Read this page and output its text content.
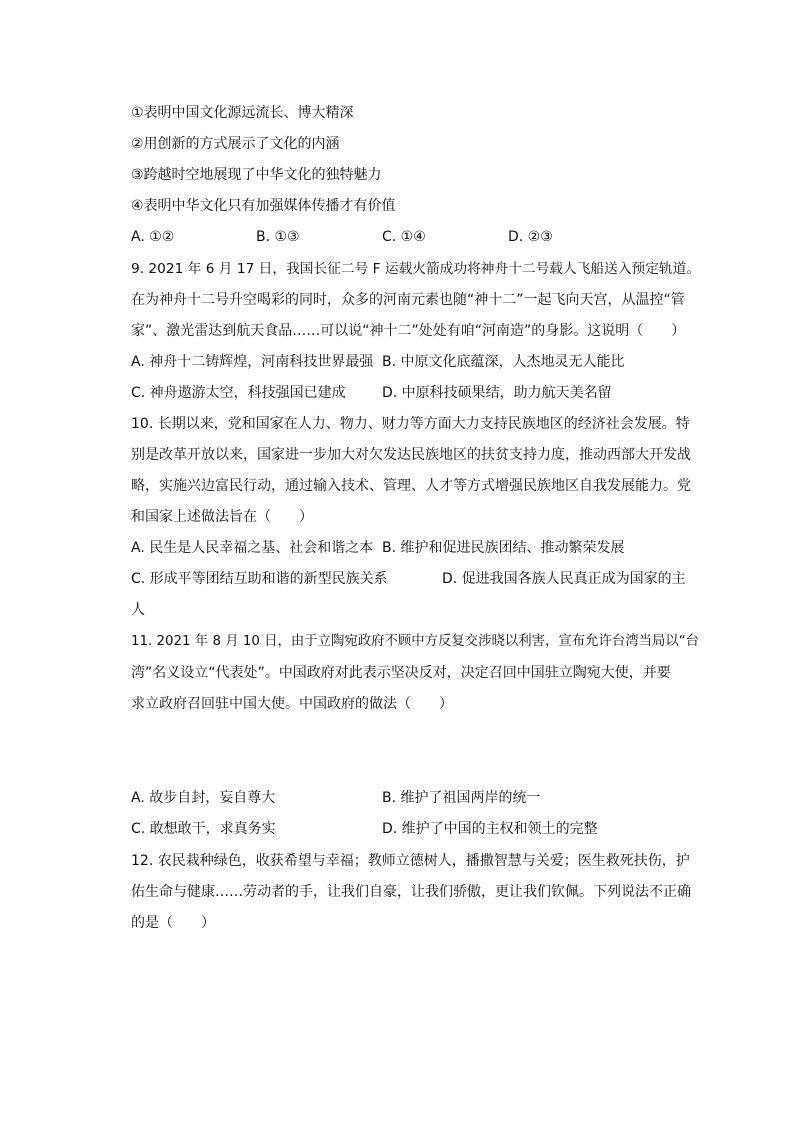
①表明中国文化源远流长、博大精深
②用创新的方式展示了文化的内涵
③跨越时空地展现了中华文化的独特魅力
④表明中华文化只有加强媒体传播才有价值
A. ①②	B. ①③	C. ①④	D. ②③
9. 2021 年 6 月 17 日，我国长征二号 F 运载火箭成功将神舟十二号载人飞船送入预定轨道。
在为神舟十二号升空喝彩的同时，众多的河南元素也随“神十二”一起飞向天宫，从温控“管
家”、激光雷达到航天食品……可以说“神十二”处处有咱“河南造”的身影。这说明（　　）
A. 神舟十二铸辉煌，河南科技世界最强 B. 中原文化底蕴深，人杰地灵无人能比
C. 神舟遨游太空，科技强国已建成	D. 中原科技硕果结，助力航天美名留
10. 长期以来，党和国家在人力、物力、财力等方面大力支持民族地区的经济社会发展。特
别是改革开放以来，国家进一步加大对欠发达民族地区的扶贫支持力度，推动西部大开发战
略，实施兴边富民行动，通过输入技术、管理、人才等方式增强民族地区自我发展能力。党
和国家上述做法旨在（　　）
A. 民生是人民幸福之基、社会和谐之本 B. 维护和促进民族团结、推动繁荣发展
C. 形成平等团结互助和谐的新型民族关系	D. 促进我国各族人民真正成为国家的主
人
11. 2021 年 8 月 10 日，由于立陶宛政府不顾中方反复交涉晓以利害，宣布允许台湾当局以“台
湾”名义设立“代表处”。中国政府对此表示坚决反对，决定召回中国驻立陶宛大使，并要
求立政府召回驻中国大使。中国政府的做法（　　）
A. 故步自封，妄自尊大	B. 维护了祖国两岸的统一
C. 敢想敢干，求真务实	D. 维护了中国的主权和领土的完整
12. 农民栽种绿色，收获希望与幸福；教师立德树人，播撒智慧与关爱；医生救死扶伤，护
佑生命与健康……劳动者的手，让我们自豪，让我们骄傲，更让我们钦佩。下列说法不正确
的是（　　）
